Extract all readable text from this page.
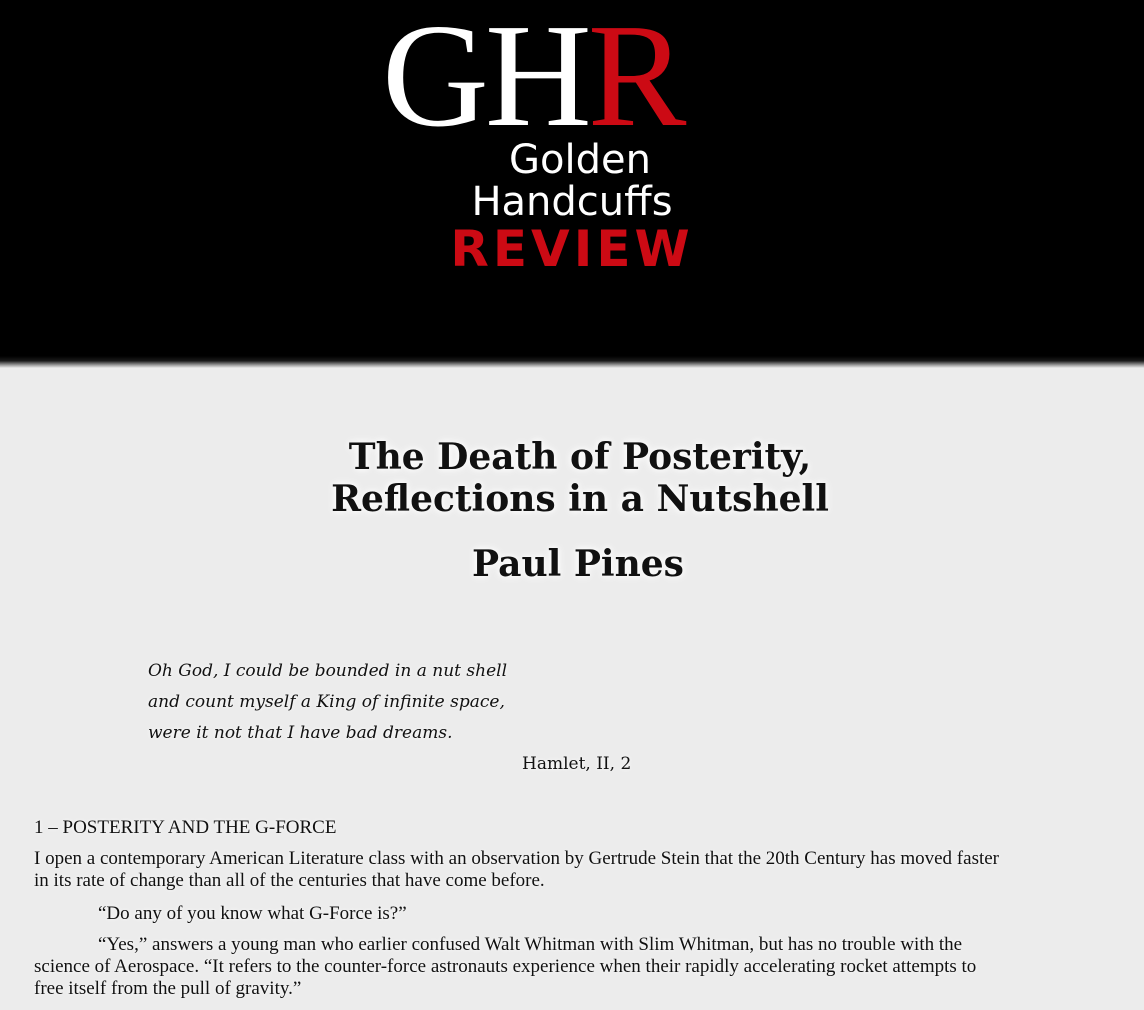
GHR
Golden
Handcuffs
REVIEW
The Death of Posterity,
Reflections in a Nutshell
Paul Pines
Oh God, I could be bounded in a nut shell
and count myself a King of infinite space,
were it not that I have bad dreams.
Hamlet, II, 2
1 – POSTERITY AND THE G-FORCE
I open a contemporary American Literature class with an observation by Gertrude Stein that the 20th Century has moved faster
in its rate of change than all of the centuries that have come before.
“Do any of you know what G-Force is?”
“Yes,” answers a young man who earlier confused Walt Whitman with Slim Whitman, but has no trouble with the
science of Aerospace. “It refers to the counter-force astronauts experience when their rapidly accelerating rocket attempts to
free itself from the pull of gravity.”
